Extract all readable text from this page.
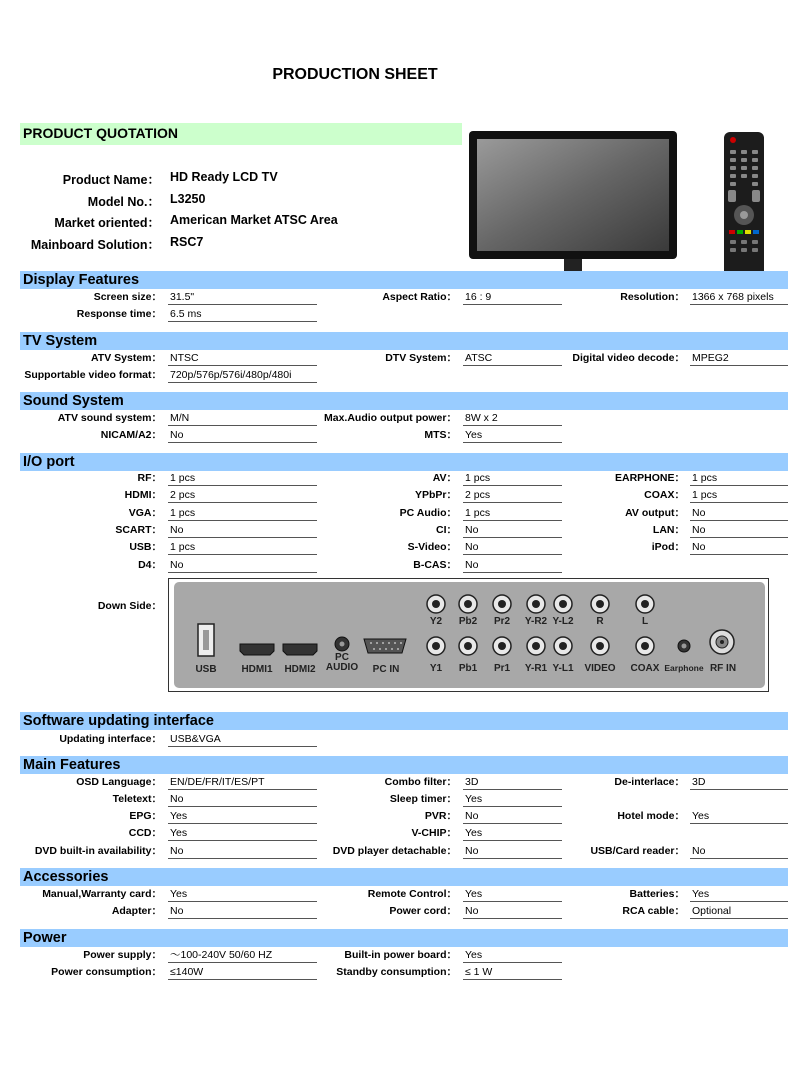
PRODUCTION SHEET
PRODUCT QUOTATION
Product Name： HD Ready LCD TV
Model No.： L3250
Market oriented： American Market ATSC Area
Mainboard Solution： RSC7
Display Features
Screen size： 31.5"	Aspect Ratio： 16 : 9	Resolution： 1366 x 768 pixels
Response time： 6.5 ms
TV System
ATV System： NTSC	DTV System： ATSC	Digital video decode： MPEG2
Supportable video format： 720p/576p/576i/480p/480i
Sound System
ATV sound system： M/N	Max.Audio output power： 8W x 2
NICAM/A2： No	MTS： Yes
I/O port
RF： 1 pcs	AV： 1 pcs	EARPHONE： 1 pcs
HDMI： 2 pcs	YPbPr： 2 pcs	COAX： 1 pcs
VGA： 1 pcs	PC Audio： 1 pcs	AV output： No
SCART： No	CI： No	LAN： No
USB： 1 pcs	S-Video： No	iPod： No
D4： No	B-CAS： No
Down Side：
Y2	Pb2	Pr2	Y-R2 Y-L2	R	L
Y1	Pb1	Pr1	Y-R1 Y-L1	VIDEO	COAX Earphone RF IN
USB	HDMI1	HDMI2
PC
AUDIO	PC IN
Software updating interface
Updating interface： USB&VGA
Main Features
OSD Language： EN/DE/FR/IT/ES/PT	Combo filter： 3D	De-interlace： 3D
Teletext： No	Sleep timer： Yes
EPG： Yes	PVR： No	Hotel mode： Yes
CCD： Yes	V-CHIP： Yes
DVD built-in availability： No	DVD player detachable： No	USB/Card reader： No
Accessories
Manual,Warranty card： Yes	Remote Control： Yes	Batteries： Yes
Adapter： No	Power cord： No	RCA cable： Optional
Power
Power supply： ～100-240V 50/60 HZ	Built-in power board： Yes
Power consumption： ≤140W	Standby consumption： ≤ 1 W
